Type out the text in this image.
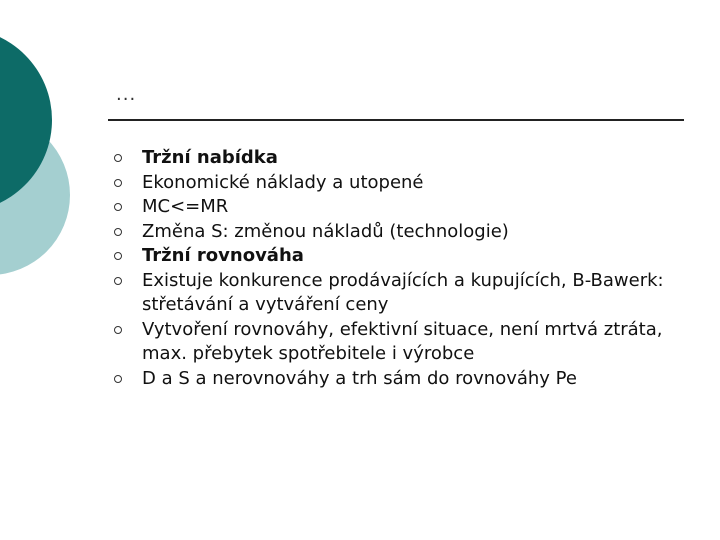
...
Tržní nabídka
Ekonomické náklady a utopené
MC<=MR
Změna S: změnou nákladů (technologie)
Tržní rovnováha
Existuje konkurence prodávajících a kupujících, B-Bawerk: střetávání a vytváření ceny
Vytvoření rovnováhy, efektivní situace, není mrtvá ztráta, max. přebytek spotřebitele i výrobce
D a S a nerovnováhy a trh sám do rovnováhy Pe
